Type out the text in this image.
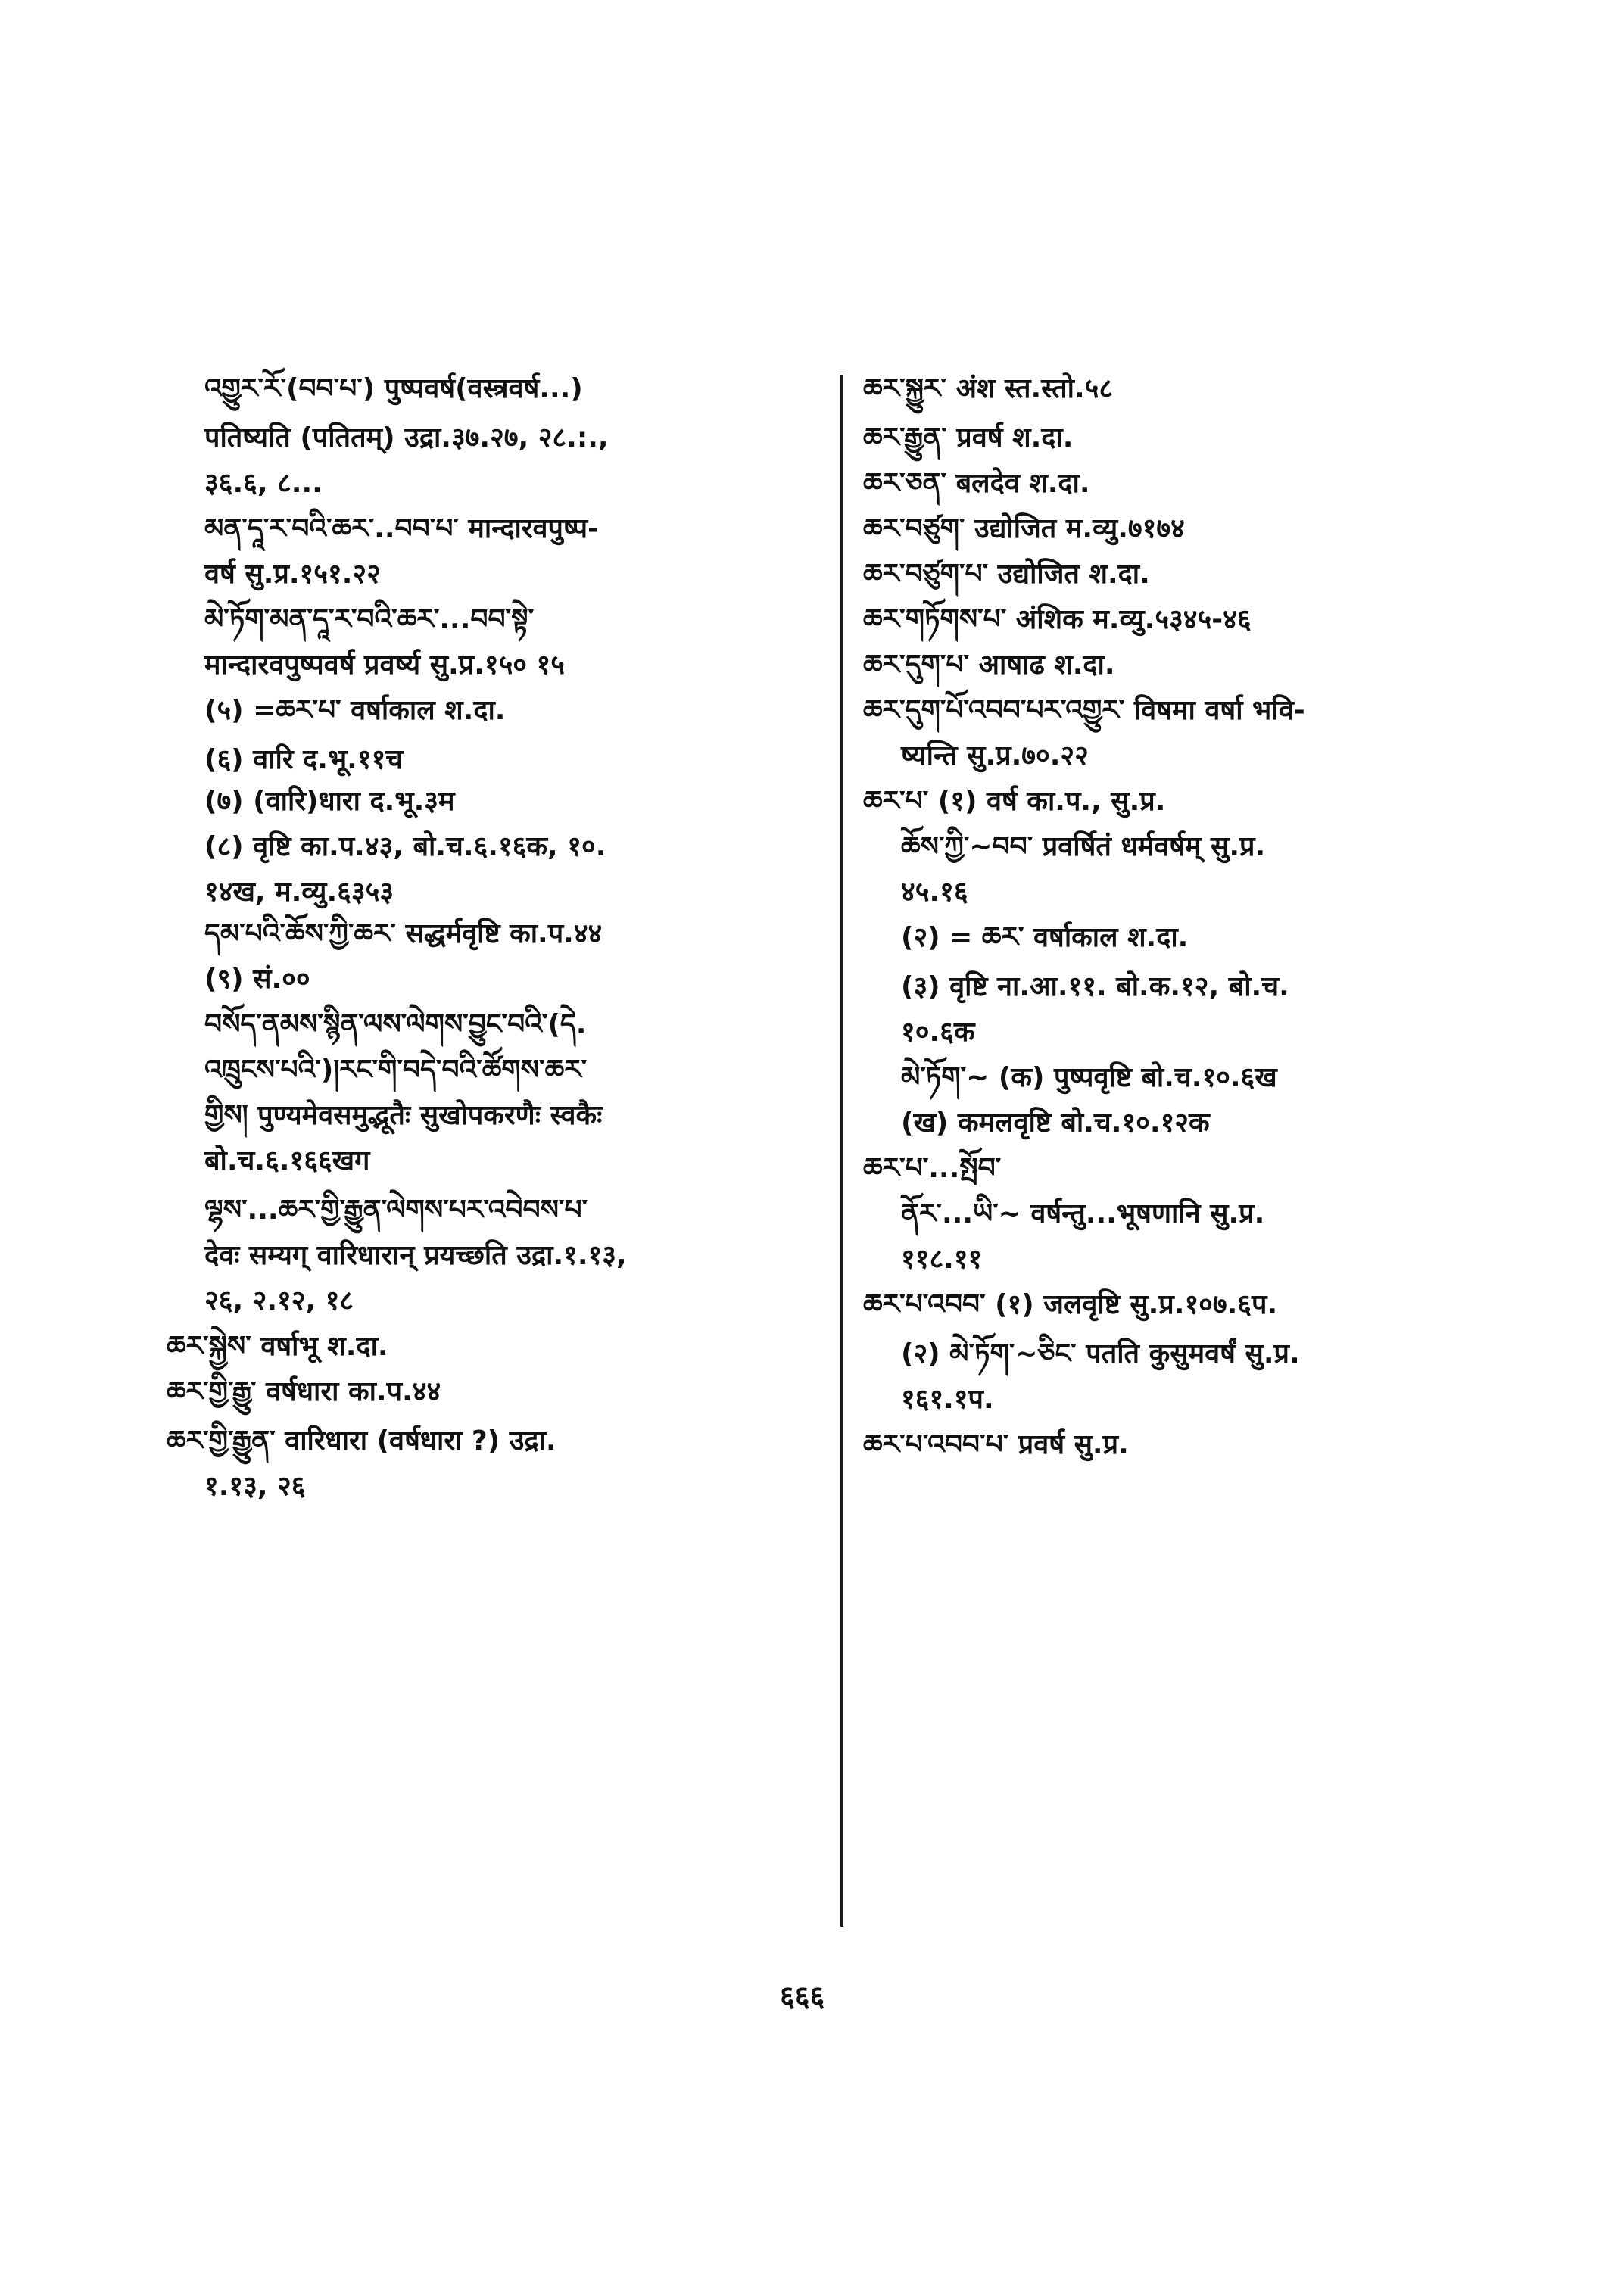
འགྱུར་རོ་(བབ་པ་) पुष्पवर्ष(वस्त्रवर्ष...)
पतिष्यति (पतितम्) उद्रा.३७.२७, २८.:.,
३६.६, ८...
མན་དཱ་ར་བའི་ཆར་..བབ་པ་ मान्दारवपुष्प-
वर्ष सु.प्र.१५१.२२
མེ་ཏོག་མན་དཱ་ར་བའི་ཆར་...བབ་སྟེ་
मान्दारवपुष्पवर्ष प्रवर्ष्य सु.प्र.१५० १५
(५) =ཆར་པ་ वर्षाकाल श.दा.
(६) वारि द.भू.११च
(७) (वारि)धारा द.भू.३म
(८) वृष्टि का.प.४३, बो.च.६.१६क, १०.
१४ख, म.व्यु.६३५३
དམ་པའི་ཆོས་ཀྱི་ཆར་ सद्धर्मवृष्टि का.प.४४
(९) सं.००
བསོད་ནམས་སྙིན་ལས་ལེགས་བྱུང་བའི་(དེ.
འཁྲུངས་པའི་)།རང་གི་བདེ་བའི་ཚོགས་ཆར་
གྱིས། पुण्यमेवसमुद्भूतैः सुखोपकरणैः स्वकैः
बो.च.६.१६६खग
ལྷས་...ཆར་གྱི་རྒྱུན་ལེགས་པར་འབེབས་པ་
देवः सम्यग् वारिधारान् प्रयच्छति उद्रा.१.१३,
२६, २.१२, १८
ཆར་སྐྱེས་ वर्षाभू श.दा.
ཆར་གྱི་རྒྱུ་ वर्षधारा का.प.४४
ཆར་གྱི་རྒྱུན་ वारिधारा (वर्षधारा ?) उद्रा.
१.१३, २६
ཆར་སྐྱུར་ अंश स्त.स्तो.५८
ཆར་རྒྱུན་ प्रवर्ष श.दा.
ཆར་ཅན་ बलदेव श.दा.
ཆར་བཙུག་ उद्योजित म.व्यु.७१७४
ཆར་བཙུག་པ་ उद्योजित श.दा.
ཆར་གཏོགས་པ་ अंशिक म.व्यु.५३४५-४६
ཆར་དུག་པ་ आषाढ श.दा.
ཆར་དུག་པོ་འབབ་པར་འགྱུར་ विषमा वर्षा भवि-
ष्यन्ति सु.प्र.७०.२२
ཆར་པ་ (१) वर्ष का.प., सु.प्र.
ཆོས་ཀྱི་~བབ་ प्रवर्षितं धर्मवर्षम् सु.प्र.
४५.१६
(२) = ཆར་ वर्षाकाल श.दा.
(३) वृष्टि ना.आ.११. बो.क.१२, बो.च.
१०.६क
མེ་ཏོག་~ (क) पुष्पवृष्टि बो.च.१०.६ख
(ख) कमलवृष्टि बो.च.१०.१२क
ཆར་པ་...སྤོབ་
ནོར་...ཡི་~ वर्षन्तु...भूषणानि सु.प्र.
११८.११
ཆར་པ་འབབ་ (१) जलवृष्टि सु.प्र.१०७.६प.
(२) མེ་ཏོག་~ཅིང་ पतति कुसुमवर्षं सु.प्र.
१६१.१प.
ཆར་པ་འབབ་པ་ प्रवर्ष सु.प्र.
६६६
